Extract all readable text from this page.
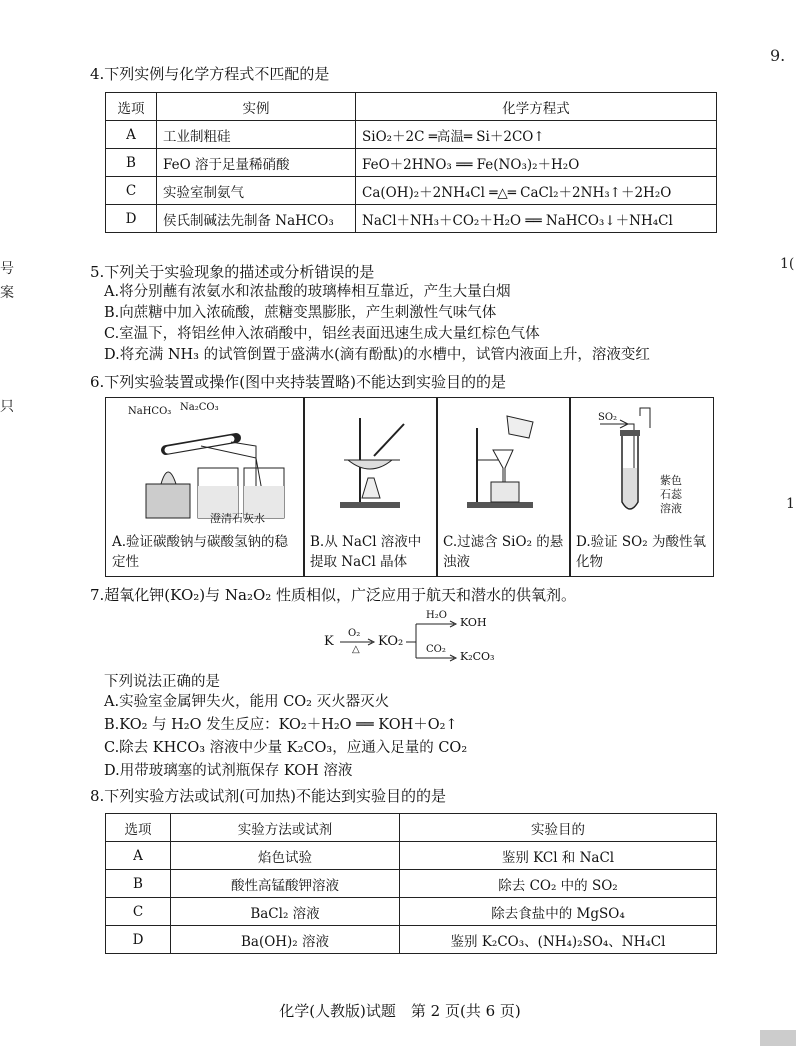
9.
号
案
只
1(
1
4.下列实例与化学方程式不匹配的是
选项	实例	化学方程式
A	工业制粗硅	SiO₂＋2C ═高温═ Si＋2CO↑
B	FeO 溶于足量稀硝酸	FeO＋2HNO₃ ══ Fe(NO₃)₂＋H₂O
C	实验室制氨气	Ca(OH)₂＋2NH₄Cl ═△═ CaCl₂＋2NH₃↑＋2H₂O
D	侯氏制碱法先制备 NaHCO₃	NaCl＋NH₃＋CO₂＋H₂O ══ NaHCO₃↓＋NH₄Cl
5.下列关于实验现象的描述或分析错误的是
A.将分别蘸有浓氨水和浓盐酸的玻璃棒相互靠近，产生大量白烟
B.向蔗糖中加入浓硫酸，蔗糖变黑膨胀，产生刺激性气味气体
C.室温下，将铝丝伸入浓硝酸中，铝丝表面迅速生成大量红棕色气体
D.将充满 NH₃ 的试管倒置于盛满水(滴有酚酞)的水槽中，试管内液面上升，溶液变红
6.下列实验装置或操作(图中夹持装置略)不能达到实验目的的是
NaHCO₃ Na₂CO₃
澄清石灰水
A.验证碳酸钠与碳酸氢钠的稳定性
B.从 NaCl 溶液中提取 NaCl 晶体
C.过滤含 SiO₂ 的悬浊液
SO₂
紫色
石蕊
溶液
D.验证 SO₂ 为酸性氧化物
7.超氧化钾(KO₂)与 Na₂O₂ 性质相似，广泛应用于航天和潜水的供氧剂。
K
O₂
△
KO₂
H₂O
KOH
CO₂
K₂CO₃
下列说法正确的是
A.实验室金属钾失火，能用 CO₂ 灭火器灭火
B.KO₂ 与 H₂O 发生反应：KO₂＋H₂O ══ KOH＋O₂↑
C.除去 KHCO₃ 溶液中少量 K₂CO₃，应通入足量的 CO₂
D.用带玻璃塞的试剂瓶保存 KOH 溶液
8.下列实验方法或试剂(可加热)不能达到实验目的的是
选项	实验方法或试剂	实验目的
A	焰色试验	鉴别 KCl 和 NaCl
B	酸性高锰酸钾溶液	除去 CO₂ 中的 SO₂
C	BaCl₂ 溶液	除去食盐中的 MgSO₄
D	Ba(OH)₂ 溶液	鉴别 K₂CO₃、(NH₄)₂SO₄、NH₄Cl
化学(人教版)试题　第 2 页(共 6 页)
